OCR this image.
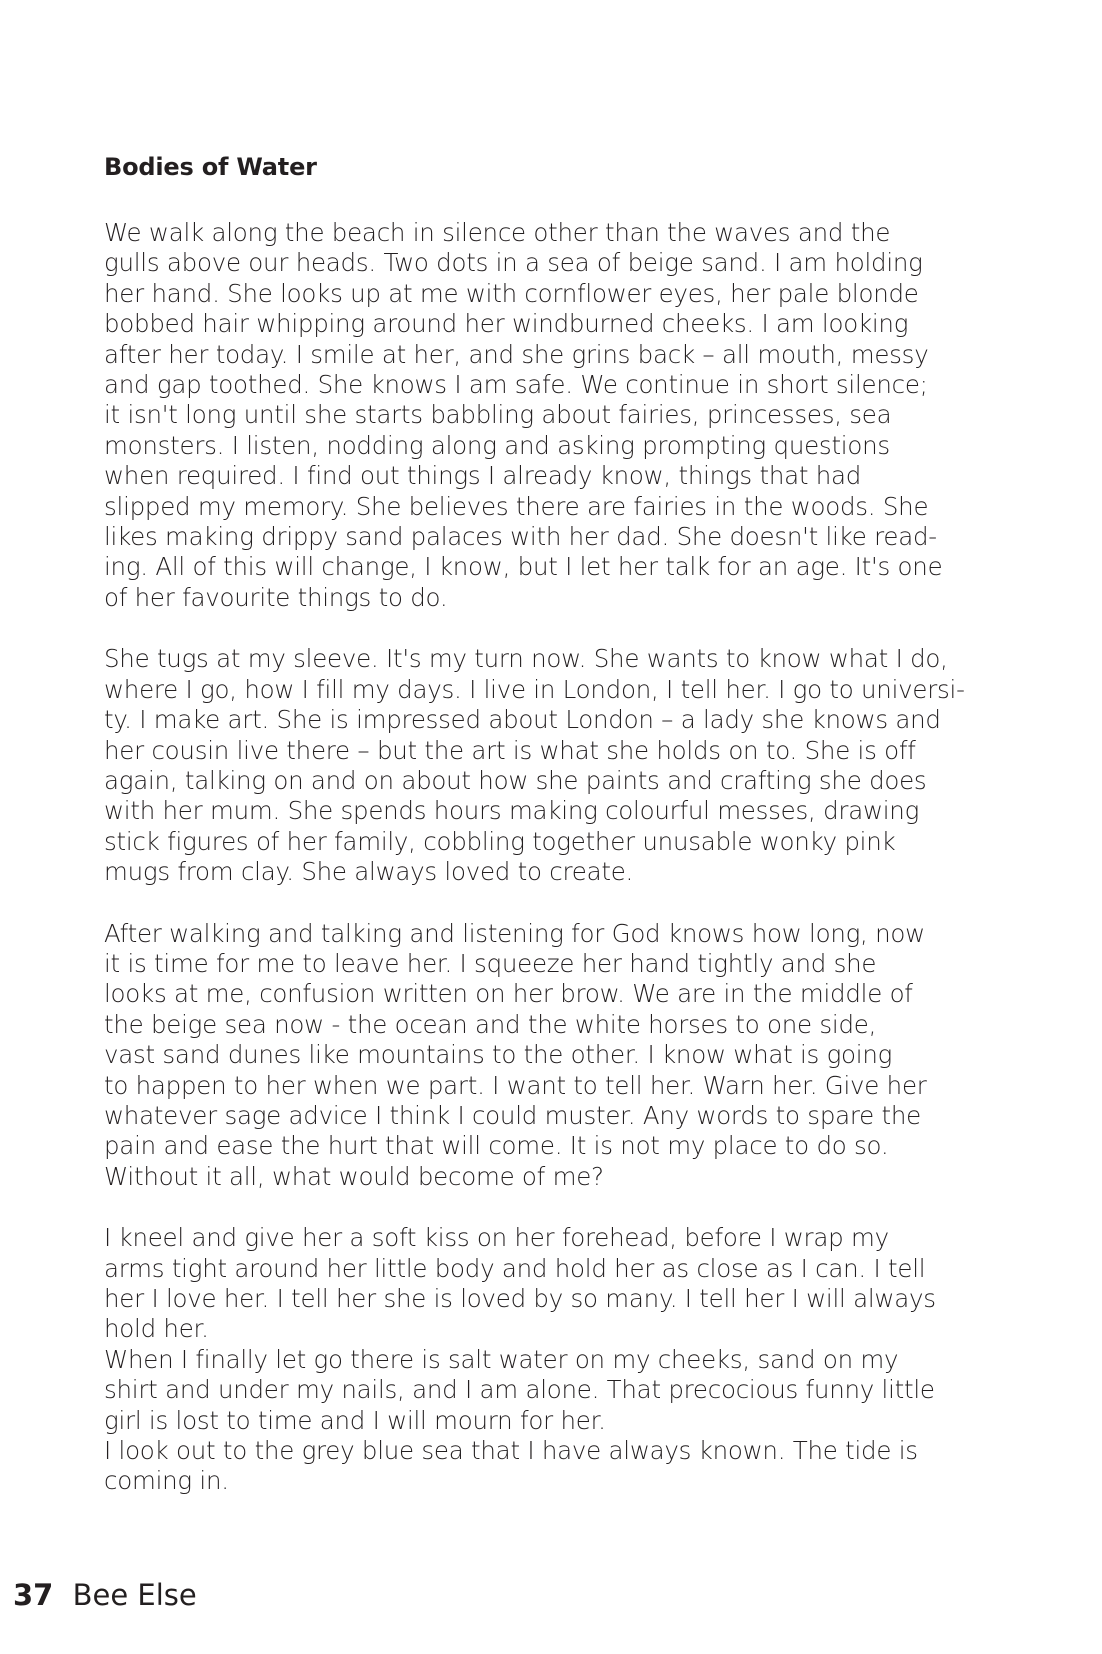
Bodies of Water
We walk along the beach in silence other than the waves and the
gulls above our heads. Two dots in a sea of beige sand. I am holding
her hand. She looks up at me with cornflower eyes, her pale blonde
bobbed hair whipping around her windburned cheeks. I am looking
after her today. I smile at her, and she grins back – all mouth, messy
and gap toothed. She knows I am safe. We continue in short silence;
it isn't long until she starts babbling about fairies, princesses, sea
monsters. I listen, nodding along and asking prompting questions
when required. I find out things I already know, things that had
slipped my memory. She believes there are fairies in the woods. She
likes making drippy sand palaces with her dad. She doesn't like read-
ing. All of this will change, I know, but I let her talk for an age. It's one
of her favourite things to do.
She tugs at my sleeve. It's my turn now. She wants to know what I do,
where I go, how I fill my days. I live in London, I tell her. I go to universi-
ty. I make art. She is impressed about London – a lady she knows and
her cousin live there – but the art is what she holds on to. She is off
again, talking on and on about how she paints and crafting she does
with her mum. She spends hours making colourful messes, drawing
stick figures of her family, cobbling together unusable wonky pink
mugs from clay. She always loved to create.
After walking and talking and listening for God knows how long, now
it is time for me to leave her. I squeeze her hand tightly and she
looks at me, confusion written on her brow. We are in the middle of
the beige sea now - the ocean and the white horses to one side,
vast sand dunes like mountains to the other. I know what is going
to happen to her when we part. I want to tell her. Warn her. Give her
whatever sage advice I think I could muster. Any words to spare the
pain and ease the hurt that will come. It is not my place to do so.
Without it all, what would become of me?
I kneel and give her a soft kiss on her forehead, before I wrap my
arms tight around her little body and hold her as close as I can. I tell
her I love her. I tell her she is loved by so many. I tell her I will always
hold her.
When I finally let go there is salt water on my cheeks, sand on my
shirt and under my nails, and I am alone. That precocious funny little
girl is lost to time and I will mourn for her.
I look out to the grey blue sea that I have always known. The tide is
coming in.
37 Bee Else
